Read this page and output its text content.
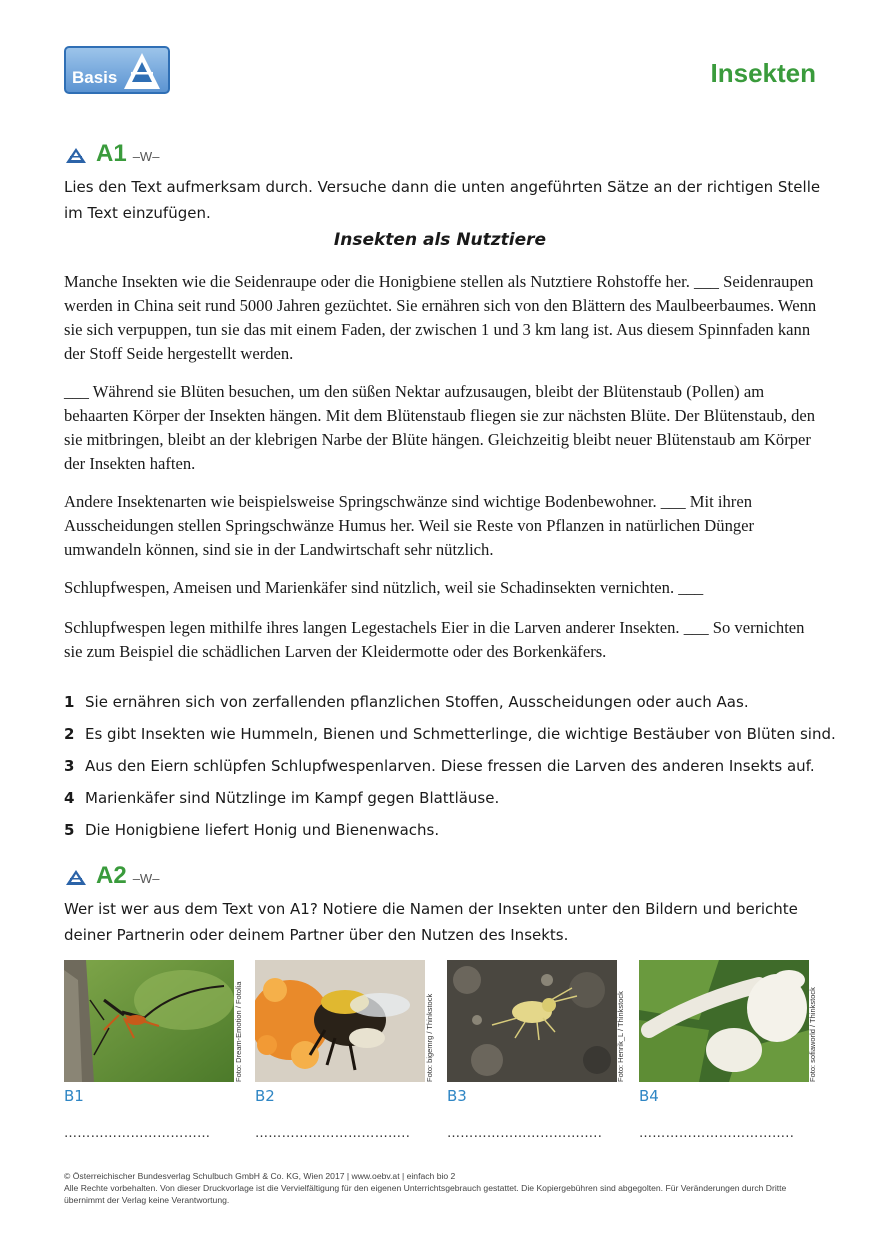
Basis	Insekten
A1 –W–
Lies den Text aufmerksam durch. Versuche dann die unten angeführten Sätze an der richtigen Stelle im Text einzufügen.
Insekten als Nutztiere
Manche Insekten wie die Seidenraupe oder die Honigbiene stellen als Nutztiere Rohstoffe her. ___ Seidenraupen werden in China seit rund 5000 Jahren gezüchtet. Sie ernähren sich von den Blättern des Maulbeerbaumes. Wenn sie sich verpuppen, tun sie das mit einem Faden, der zwischen 1 und 3 km lang ist. Aus diesem Spinnfaden kann der Stoff Seide hergestellt werden.
___ Während sie Blüten besuchen, um den süßen Nektar aufzusaugen, bleibt der Blütenstaub (Pollen) am behaarten Körper der Insekten hängen. Mit dem Blütenstaub fliegen sie zur nächsten Blüte. Der Blütenstaub, den sie mitbringen, bleibt an der klebrigen Narbe der Blüte hängen. Gleichzeitig bleibt neuer Blütenstaub am Körper der Insekten haften.
Andere Insektenarten wie beispielsweise Springschwänze sind wichtige Bodenbewohner. ___ Mit ihren Ausscheidungen stellen Springschwänze Humus her. Weil sie Reste von Pflanzen in natürlichen Dünger umwandeln können, sind sie in der Landwirtschaft sehr nützlich.
Schlupfwespen, Ameisen und Marienkäfer sind nützlich, weil sie Schadinsekten vernichten. ___
Schlupfwespen legen mithilfe ihres langen Legestachels Eier in die Larven anderer Insekten. ___ So vernichten sie zum Beispiel die schädlichen Larven der Kleidermotte oder des Borkenkäfers.
1 Sie ernähren sich von zerfallenden pflanzlichen Stoffen, Ausscheidungen oder auch Aas.
2 Es gibt Insekten wie Hummeln, Bienen und Schmetterlinge, die wichtige Bestäuber von Blüten sind.
3 Aus den Eiern schlüpfen Schlupfwespenlarven. Diese fressen die Larven des anderen Insekts auf.
4 Marienkäfer sind Nützlinge im Kampf gegen Blattläuse.
5 Die Honigbiene liefert Honig und Bienenwachs.
A2 –W–
Wer ist wer aus dem Text von A1? Notiere die Namen der Insekten unter den Bildern und berichte deiner Partnerin oder deinem Partner über den Nutzen des Insekts.
Foto: Dream-Emotion / Fotolia	Foto: bigemrg / Thinkstock	Foto: Henrik_L / Thinkstock	Foto: sofiaworld / Thinkstock
B1	B2	B3	B4
……………………………	……………………………..	……………………………..	……………………………..
© Österreichischer Bundesverlag Schulbuch GmbH & Co. KG, Wien 2017 | www.oebv.at | einfach bio 2
Alle Rechte vorbehalten. Von dieser Druckvorlage ist die Vervielfältigung für den eigenen Unterrichtsgebrauch gestattet. Die Kopiergebühren sind abgegolten. Für Veränderungen durch Dritte übernimmt der Verlag keine Verantwortung.
